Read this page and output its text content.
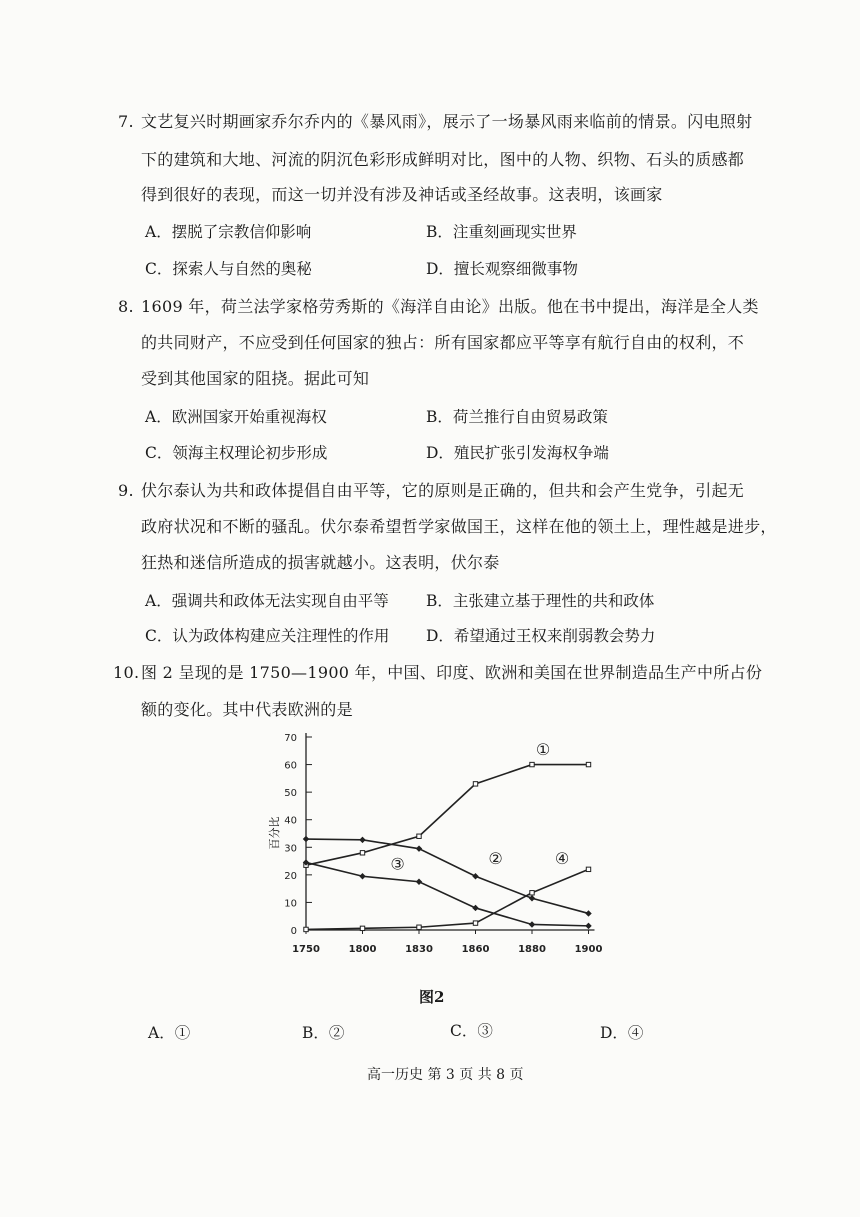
7. 文艺复兴时期画家乔尔乔内的《暴风雨》，展示了一场暴风雨来临前的情景。闪电照射
下的建筑和大地、河流的阴沉色彩形成鲜明对比，图中的人物、织物、石头的质感都
得到很好的表现，而这一切并没有涉及神话或圣经故事。这表明，该画家
A．摆脱了宗教信仰影响	B．注重刻画现实世界
C．探索人与自然的奥秘	D．擅长观察细微事物
8. 1609 年，荷兰法学家格劳秀斯的《海洋自由论》出版。他在书中提出，海洋是全人类
的共同财产，不应受到任何国家的独占：所有国家都应平等享有航行自由的权利，不
受到其他国家的阻挠。据此可知
A．欧洲国家开始重视海权	B．荷兰推行自由贸易政策
C．领海主权理论初步形成	D．殖民扩张引发海权争端
9. 伏尔泰认为共和政体提倡自由平等，它的原则是正确的，但共和会产生党争，引起无
政府状况和不断的骚乱。伏尔泰希望哲学家做国王，这样在他的领土上，理性越是进步，
狂热和迷信所造成的损害就越小。这表明，伏尔泰
A．强调共和政体无法实现自由平等 B．主张建立基于理性的共和政体
C．认为政体构建应关注理性的作用 D．希望通过王权来削弱教会势力
10. 图 2 呈现的是 1750—1900 年，中国、印度、欧洲和美国在世界制造品生产中所占份
额的变化。其中代表欧洲的是
0
10
20
30
40
50
60
70
1750	1800	1830	1860	1880	1900
①
②
③	④
百分比
图2
A．①	B．②	C．③	D．④
高一历史 第 3 页 共 8 页
